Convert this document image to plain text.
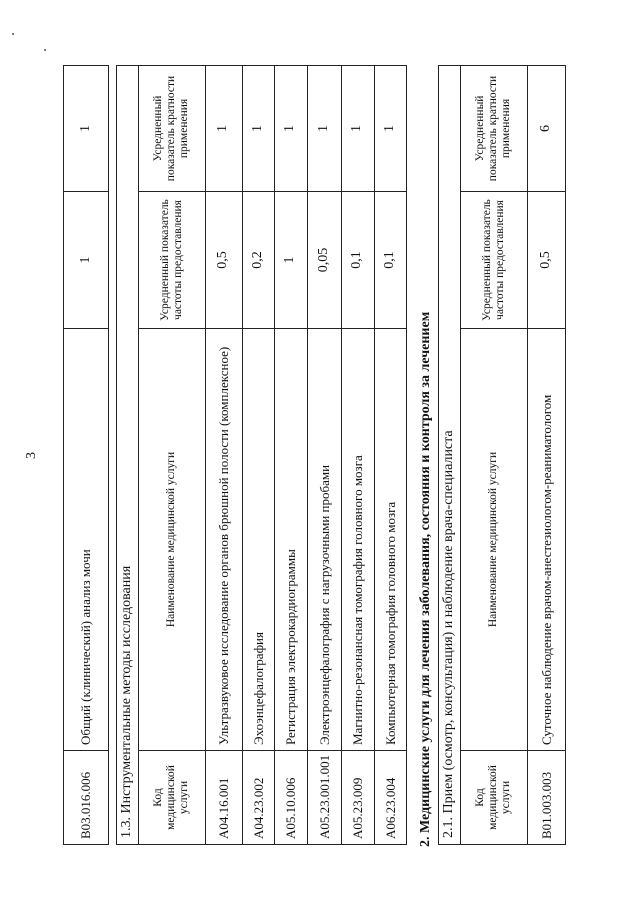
3
B03.016.006	Общий (клинический) анализ мочи	1	1
1.3. Инструментальные методы исследования			
Код медицинской услуги	Наименование медицинской услуги	Усредненный показатель частоты предоставления	Усредненный показатель кратности применения
A04.16.001	Ультразвуковое исследование органов брюшной полости (комплексное)	0,5	1
A04.23.002	Эхоэнцефалография	0,2	1
A05.10.006	Регистрация электрокардиограммы	1	1
A05.23.001.001	Электроэнцефалография с нагрузочными пробами	0,05	1
A05.23.009	Магнитно-резонансная томография головного мозга	0,1	1
A06.23.004	Компьютерная томография головного мозга	0,1	1
2. Медицинские услуги для лечения заболевания, состояния и контроля за лечением 2.1. Прием (осмотр, консультация) и наблюдение врача-специалиста			
Код медицинской услуги	Наименование медицинской услуги	Усредненный показатель частоты предоставления	Усредненный показатель кратности применения
B01.003.003	Суточное наблюдение врачом-анестезиологом-реаниматологом	0,5	6
